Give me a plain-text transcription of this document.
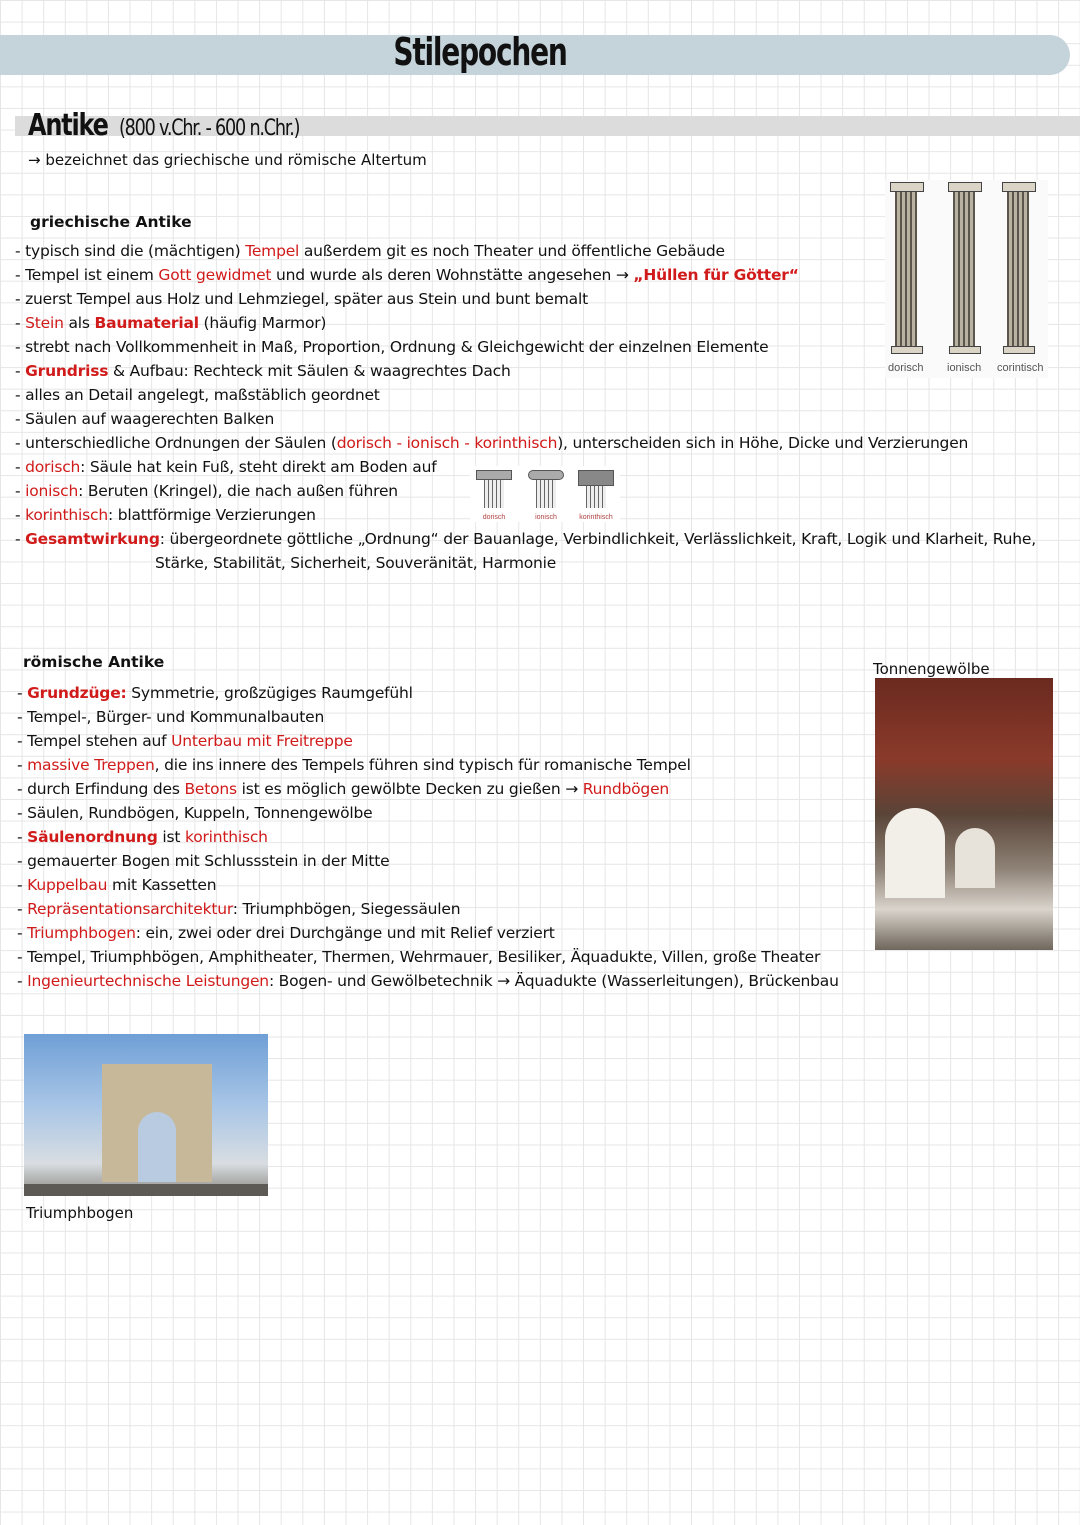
Stilepochen
Antike (800 v.Chr. - 600 n.Chr.)
→ bezeichnet das griechische und römische Altertum
griechische Antike
- typisch sind die (mächtigen) Tempel außerdem git es noch Theater und öffentliche Gebäude
- Tempel ist einem Gott gewidmet und wurde als deren Wohnstätte angesehen → „Hüllen für Götter“
- zuerst Tempel aus Holz und Lehmziegel, später aus Stein und bunt bemalt
- Stein als Baumaterial (häufig Marmor)
- strebt nach Vollkommenheit in Maß, Proportion, Ordnung & Gleichgewicht der einzelnen Elemente
- Grundriss & Aufbau: Rechteck mit Säulen & waagrechtes Dach
- alles an Detail angelegt, maßstäblich geordnet
- Säulen auf waagerechten Balken
- unterschiedliche Ordnungen der Säulen (dorisch - ionisch - korinthisch), unterscheiden sich in Höhe, Dicke und Verzierungen
- dorisch: Säule hat kein Fuß, steht direkt am Boden auf
- ionisch: Beruten (Kringel), die nach außen führen
- korinthisch: blattförmige Verzierungen
- Gesamtwirkung: übergeordnete göttliche „Ordnung“ der Bauanlage, Verbindlichkeit, Verlässlichkeit, Kraft, Logik und Klarheit, Ruhe,
Stärke, Stabilität, Sicherheit, Souveränität, Harmonie
dorisch ionisch corintisch
dorisch	ionisch	korinthisch
römische Antike
- Grundzüge: Symmetrie, großzügiges Raumgefühl
- Tempel-, Bürger- und Kommunalbauten
- Tempel stehen auf Unterbau mit Freitreppe
- massive Treppen, die ins innere des Tempels führen sind typisch für romanische Tempel
- durch Erfindung des Betons ist es möglich gewölbte Decken zu gießen → Rundbögen
- Säulen, Rundbögen, Kuppeln, Tonnengewölbe
- Säulenordnung ist korinthisch
- gemauerter Bogen mit Schlussstein in der Mitte
- Kuppelbau mit Kassetten
- Repräsentationsarchitektur: Triumphbögen, Siegessäulen
- Triumphbogen: ein, zwei oder drei Durchgänge und mit Relief verziert
- Tempel, Triumphbögen, Amphitheater, Thermen, Wehrmauer, Besiliker, Äquadukte, Villen, große Theater
- Ingenieurtechnische Leistungen: Bogen- und Gewölbetechnik → Äquadukte (Wasserleitungen), Brückenbau
Tonnengewölbe
Triumphbogen
